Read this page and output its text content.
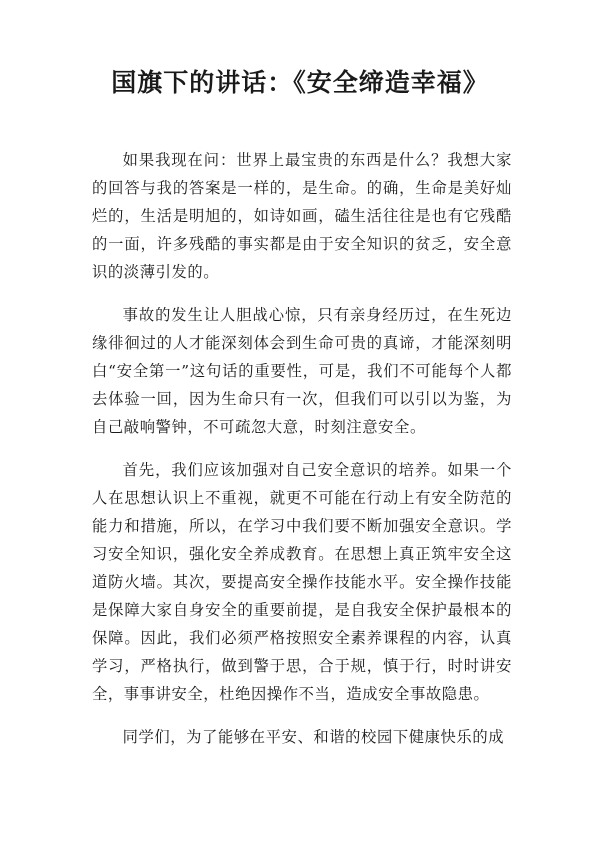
国旗下的讲话：《安全缔造幸福》

如果我现在问：世界上最宝贵的东西是什么？我想大家的回答与我的答案是一样的，是生命。的确，生命是美好灿烂的，生活是明旭的，如诗如画，磕生活往往是也有它残酷的一面，许多残酷的事实都是由于安全知识的贫乏，安全意识的淡薄引发的。

事故的发生让人胆战心惊，只有亲身经历过，在生死边缘徘徊过的人才能深刻体会到生命可贵的真谛，才能深刻明白“安全第一”这句话的重要性，可是，我们不可能每个人都去体验一回，因为生命只有一次，但我们可以引以为鉴，为自己敲响警钟，不可疏忽大意，时刻注意安全。

首先，我们应该加强对自己安全意识的培养。如果一个人在思想认识上不重视，就更不可能在行动上有安全防范的能力和措施，所以，在学习中我们要不断加强安全意识。学习安全知识，强化安全养成教育。在思想上真正筑牢安全这道防火墙。其次，要提高安全操作技能水平。安全操作技能是保障大家自身安全的重要前提，是自我安全保护最根本的保障。因此，我们必须严格按照安全素养课程的内容，认真学习，严格执行，做到警于思，合于规，慎于行，时时讲安全，事事讲安全，杜绝因操作不当，造成安全事故隐患。

同学们，为了能够在平安、和谐的校园下健康快乐的成
